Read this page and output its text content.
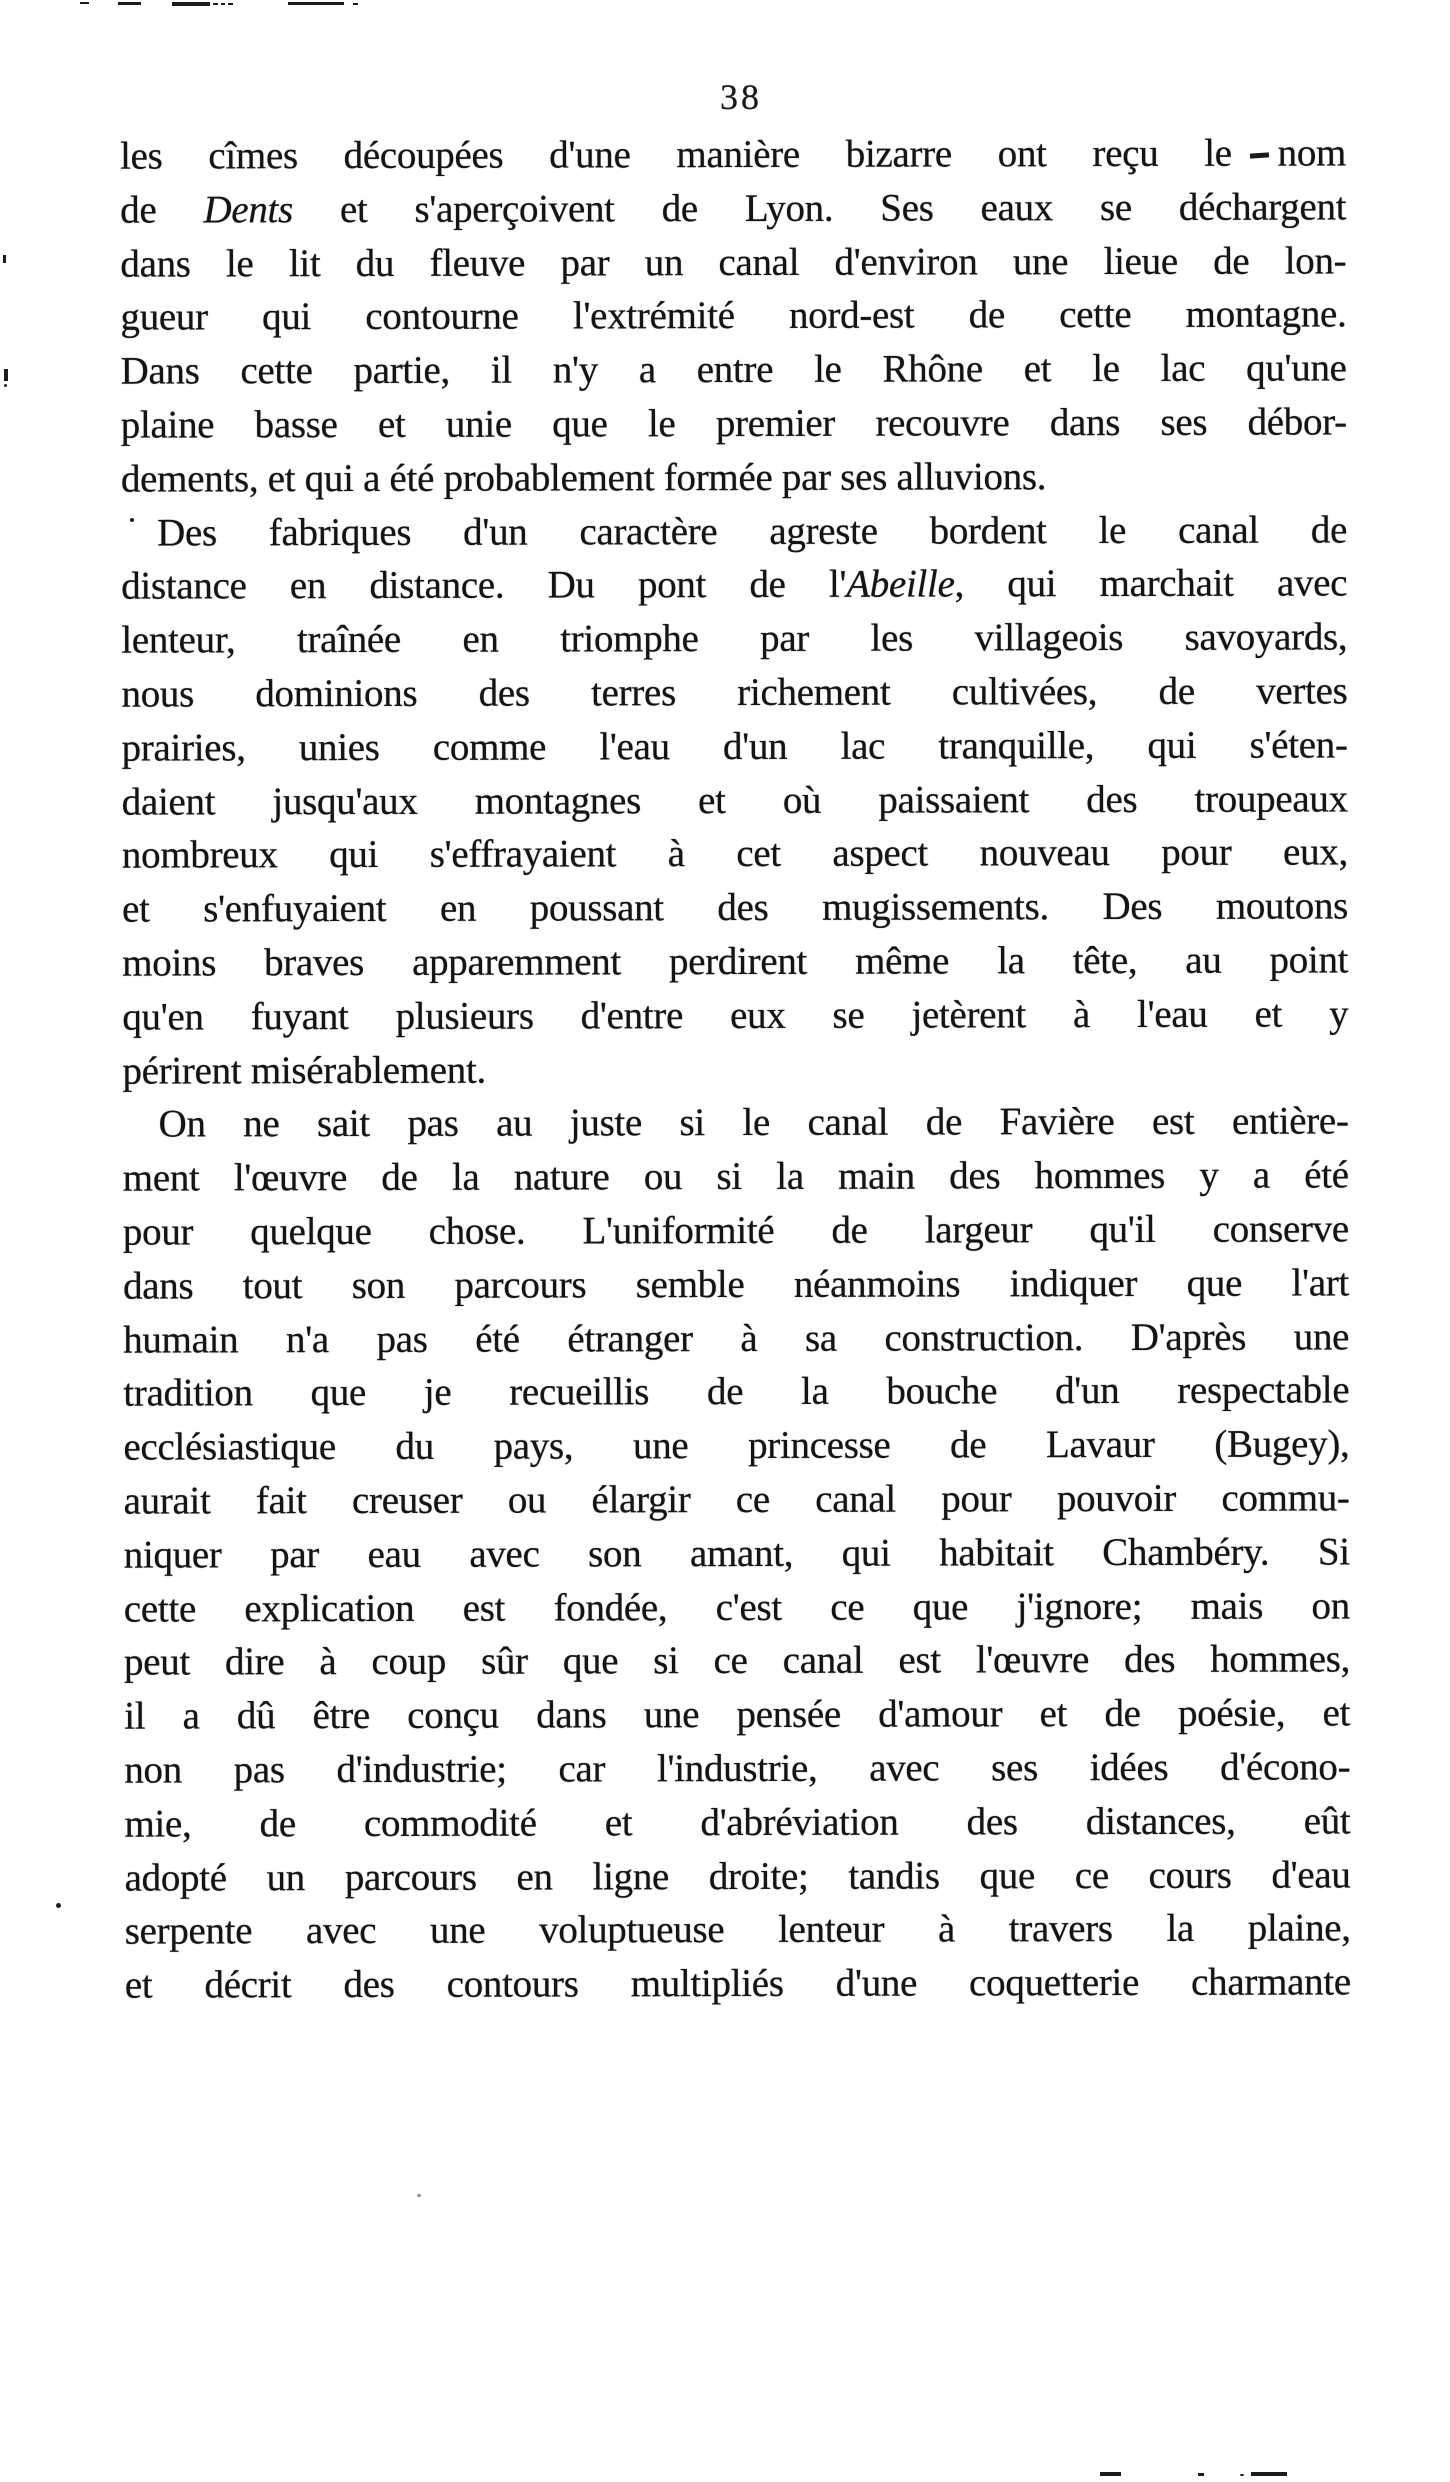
38
les cîmes découpées d'une manière bizarre ont reçu le nom
de Dents et s'aperçoivent de Lyon. Ses eaux se déchargent
dans le lit du fleuve par un canal d'environ une lieue de lon-
gueur qui contourne l'extrémité nord-est de cette montagne.
Dans cette partie, il n'y a entre le Rhône et le lac qu'une
plaine basse et unie que le premier recouvre dans ses débor-
dements, et qui a été probablement formée par ses alluvions.
Des fabriques d'un caractère agreste bordent le canal de
distance en distance. Du pont de l'Abeille, qui marchait avec
lenteur, traînée en triomphe par les villageois savoyards,
nous dominions des terres richement cultivées, de vertes
prairies, unies comme l'eau d'un lac tranquille, qui s'éten-
daient jusqu'aux montagnes et où paissaient des troupeaux
nombreux qui s'effrayaient à cet aspect nouveau pour eux,
et s'enfuyaient en poussant des mugissements. Des moutons
moins braves apparemment perdirent même la tête, au point
qu'en fuyant plusieurs d'entre eux se jetèrent à l'eau et y
périrent misérablement.
On ne sait pas au juste si le canal de Favière est entière-
ment l'œuvre de la nature ou si la main des hommes y a été
pour quelque chose. L'uniformité de largeur qu'il conserve
dans tout son parcours semble néanmoins indiquer que l'art
humain n'a pas été étranger à sa construction. D'après une
tradition que je recueillis de la bouche d'un respectable
ecclésiastique du pays, une princesse de Lavaur (Bugey),
aurait fait creuser ou élargir ce canal pour pouvoir commu-
niquer par eau avec son amant, qui habitait Chambéry. Si
cette explication est fondée, c'est ce que j'ignore; mais on
peut dire à coup sûr que si ce canal est l'œuvre des hommes,
il a dû être conçu dans une pensée d'amour et de poésie, et
non pas d'industrie; car l'industrie, avec ses idées d'écono-
mie, de commodité et d'abréviation des distances, eût
adopté un parcours en ligne droite; tandis que ce cours d'eau
serpente avec une voluptueuse lenteur à travers la plaine,
et décrit des contours multipliés d'une coquetterie charmante
